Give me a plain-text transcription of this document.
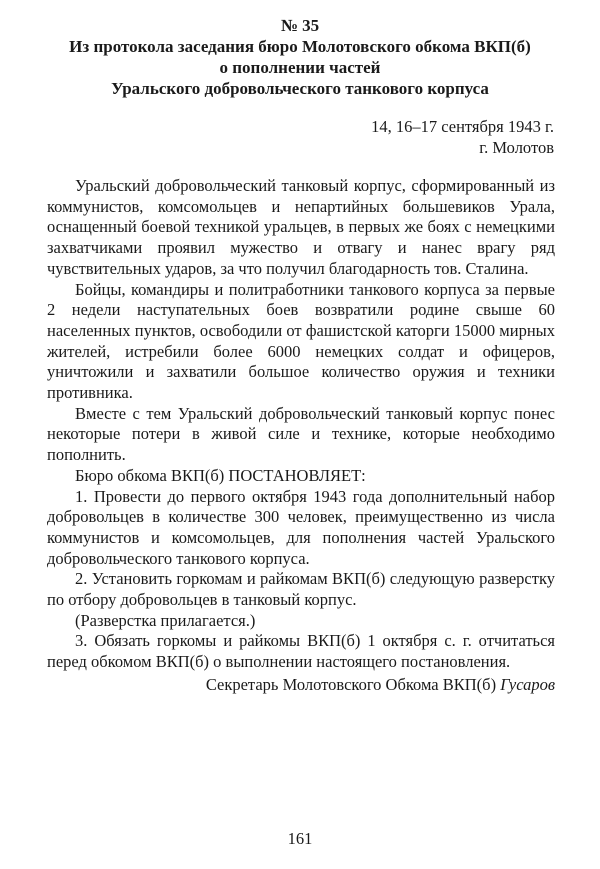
№ 35
Из протокола заседания бюро Молотовского обкома ВКП(б)
о пополнении частей
Уральского добровольческого танкового корпуса
14, 16–17 сентября 1943 г.
г. Молотов

Уральский добровольческий танковый корпус, сформированный из коммунистов, комсомольцев и непартийных большевиков Урала, оснащенный боевой техникой уральцев, в первых же боях с немецкими захватчиками проявил мужество и отвагу и нанес врагу ряд чувствительных ударов, за что получил благодарность тов. Сталина.

Бойцы, командиры и политработники танкового корпуса за первые 2 недели наступательных боев возвратили родине свыше 60 населенных пунктов, освободили от фашистской каторги 15000 мирных жителей, истребили более 6000 немецких солдат и офицеров, уничтожили и захватили большое количество оружия и техники противника.

Вместе с тем Уральский добровольческий танковый корпус понес некоторые потери в живой силе и технике, которые необходимо пополнить.

Бюро обкома ВКП(б) ПОСТАНОВЛЯЕТ:

1. Провести до первого октября 1943 года дополнительный набор добровольцев в количестве 300 человек, преимущественно из числа коммунистов и комсомольцев, для пополнения частей Уральского добровольческого танкового корпуса.

2. Установить горкомам и райкомам ВКП(б) следующую разверстку по отбору добровольцев в танковый корпус.

(Разверстка прилагается.)

3. Обязать горкомы и райкомы ВКП(б) 1 октября с. г. отчитаться перед обкомом ВКП(б) о выполнении настоящего постановления.

Секретарь Молотовского Обкома ВКП(б) Гусаров

161
